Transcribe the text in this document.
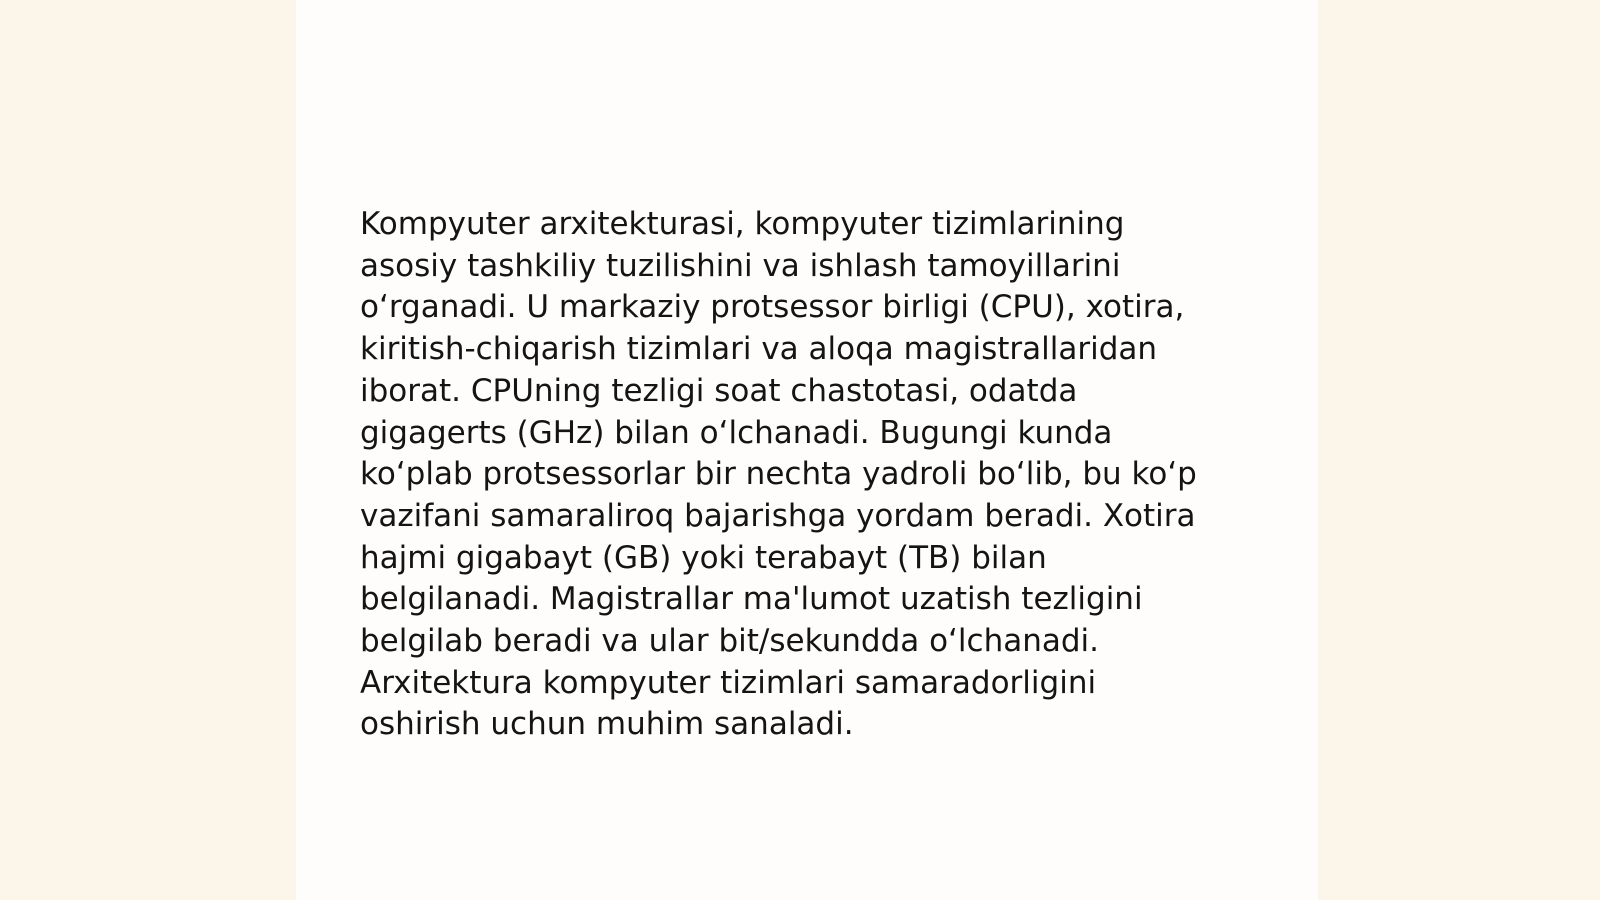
Kompyuter arxitekturasi, kompyuter tizimlarining
asosiy tashkiliy tuzilishini va ishlash tamoyillarini
o‘rganadi. U markaziy protsessor birligi (CPU), xotira,
kiritish-chiqarish tizimlari va aloqa magistrallaridan
iborat. CPUning tezligi soat chastotasi, odatda
gigagerts (GHz) bilan o‘lchanadi. Bugungi kunda
ko‘plab protsessorlar bir nechta yadroli bo‘lib, bu ko‘p
vazifani samaraliroq bajarishga yordam beradi. Xotira
hajmi gigabayt (GB) yoki terabayt (TB) bilan
belgilanadi. Magistrallar ma'lumot uzatish tezligini
belgilab beradi va ular bit/sekundda o‘lchanadi.
Arxitektura kompyuter tizimlari samaradorligini
oshirish uchun muhim sanaladi.
